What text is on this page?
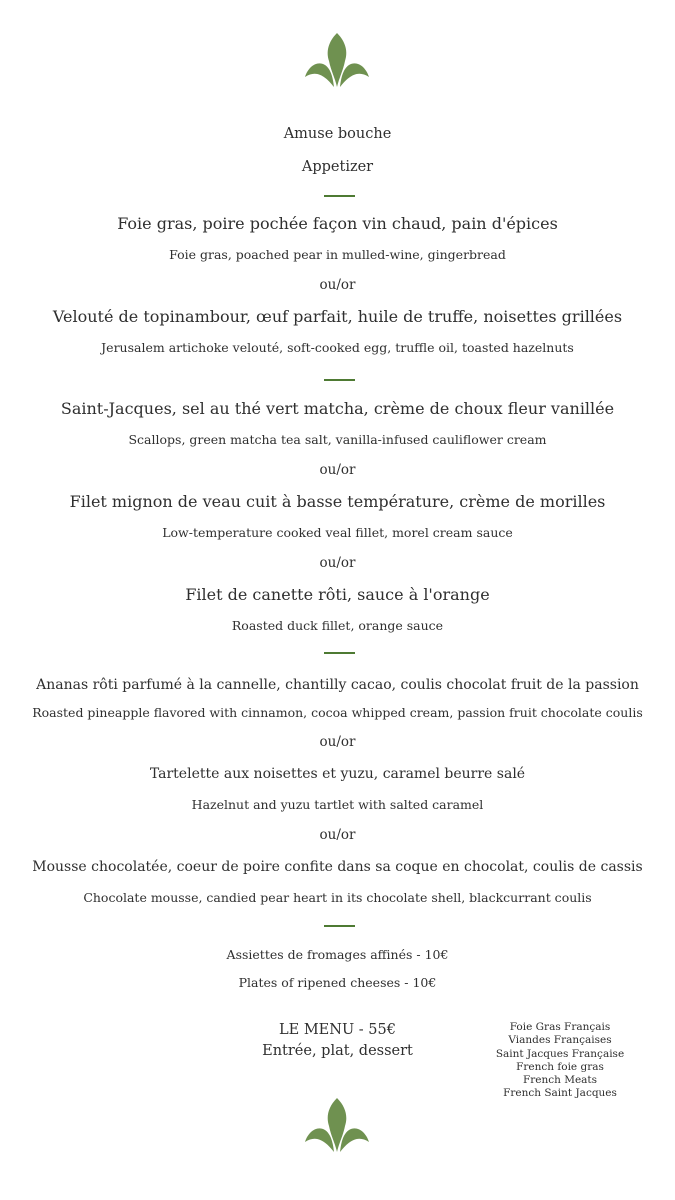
Amuse bouche
Appetizer
Foie gras, poire pochée façon vin chaud, pain d'épices
Foie gras, poached pear in mulled-wine, gingerbread
ou/or
Velouté de topinambour, œuf parfait, huile de truffe, noisettes grillées
Jerusalem artichoke velouté, soft-cooked egg, truffle oil, toasted hazelnuts
Saint-Jacques, sel au thé vert matcha, crème de choux fleur vanillée
Scallops, green matcha tea salt, vanilla-infused cauliflower cream
ou/or
Filet mignon de veau cuit à basse température, crème de morilles
Low-temperature cooked veal fillet, morel cream sauce
ou/or
Filet de canette rôti, sauce à l'orange
Roasted duck fillet, orange sauce
Ananas rôti parfumé à la cannelle, chantilly cacao, coulis chocolat fruit de la passion
Roasted pineapple flavored with cinnamon, cocoa whipped cream, passion fruit chocolate coulis
ou/or
Tartelette aux noisettes et yuzu, caramel beurre salé
Hazelnut and yuzu tartlet with salted caramel
ou/or
Mousse chocolatée, coeur de poire confite dans sa coque en chocolat, coulis de cassis
Chocolate mousse, candied pear heart in its chocolate shell, blackcurrant coulis
Assiettes de fromages affinés - 10€
Plates of ripened cheeses - 10€
LE MENU - 55€
Entrée, plat, dessert
Foie Gras Français
Viandes Françaises
Saint Jacques Française
French foie gras
French Meats
French Saint Jacques
